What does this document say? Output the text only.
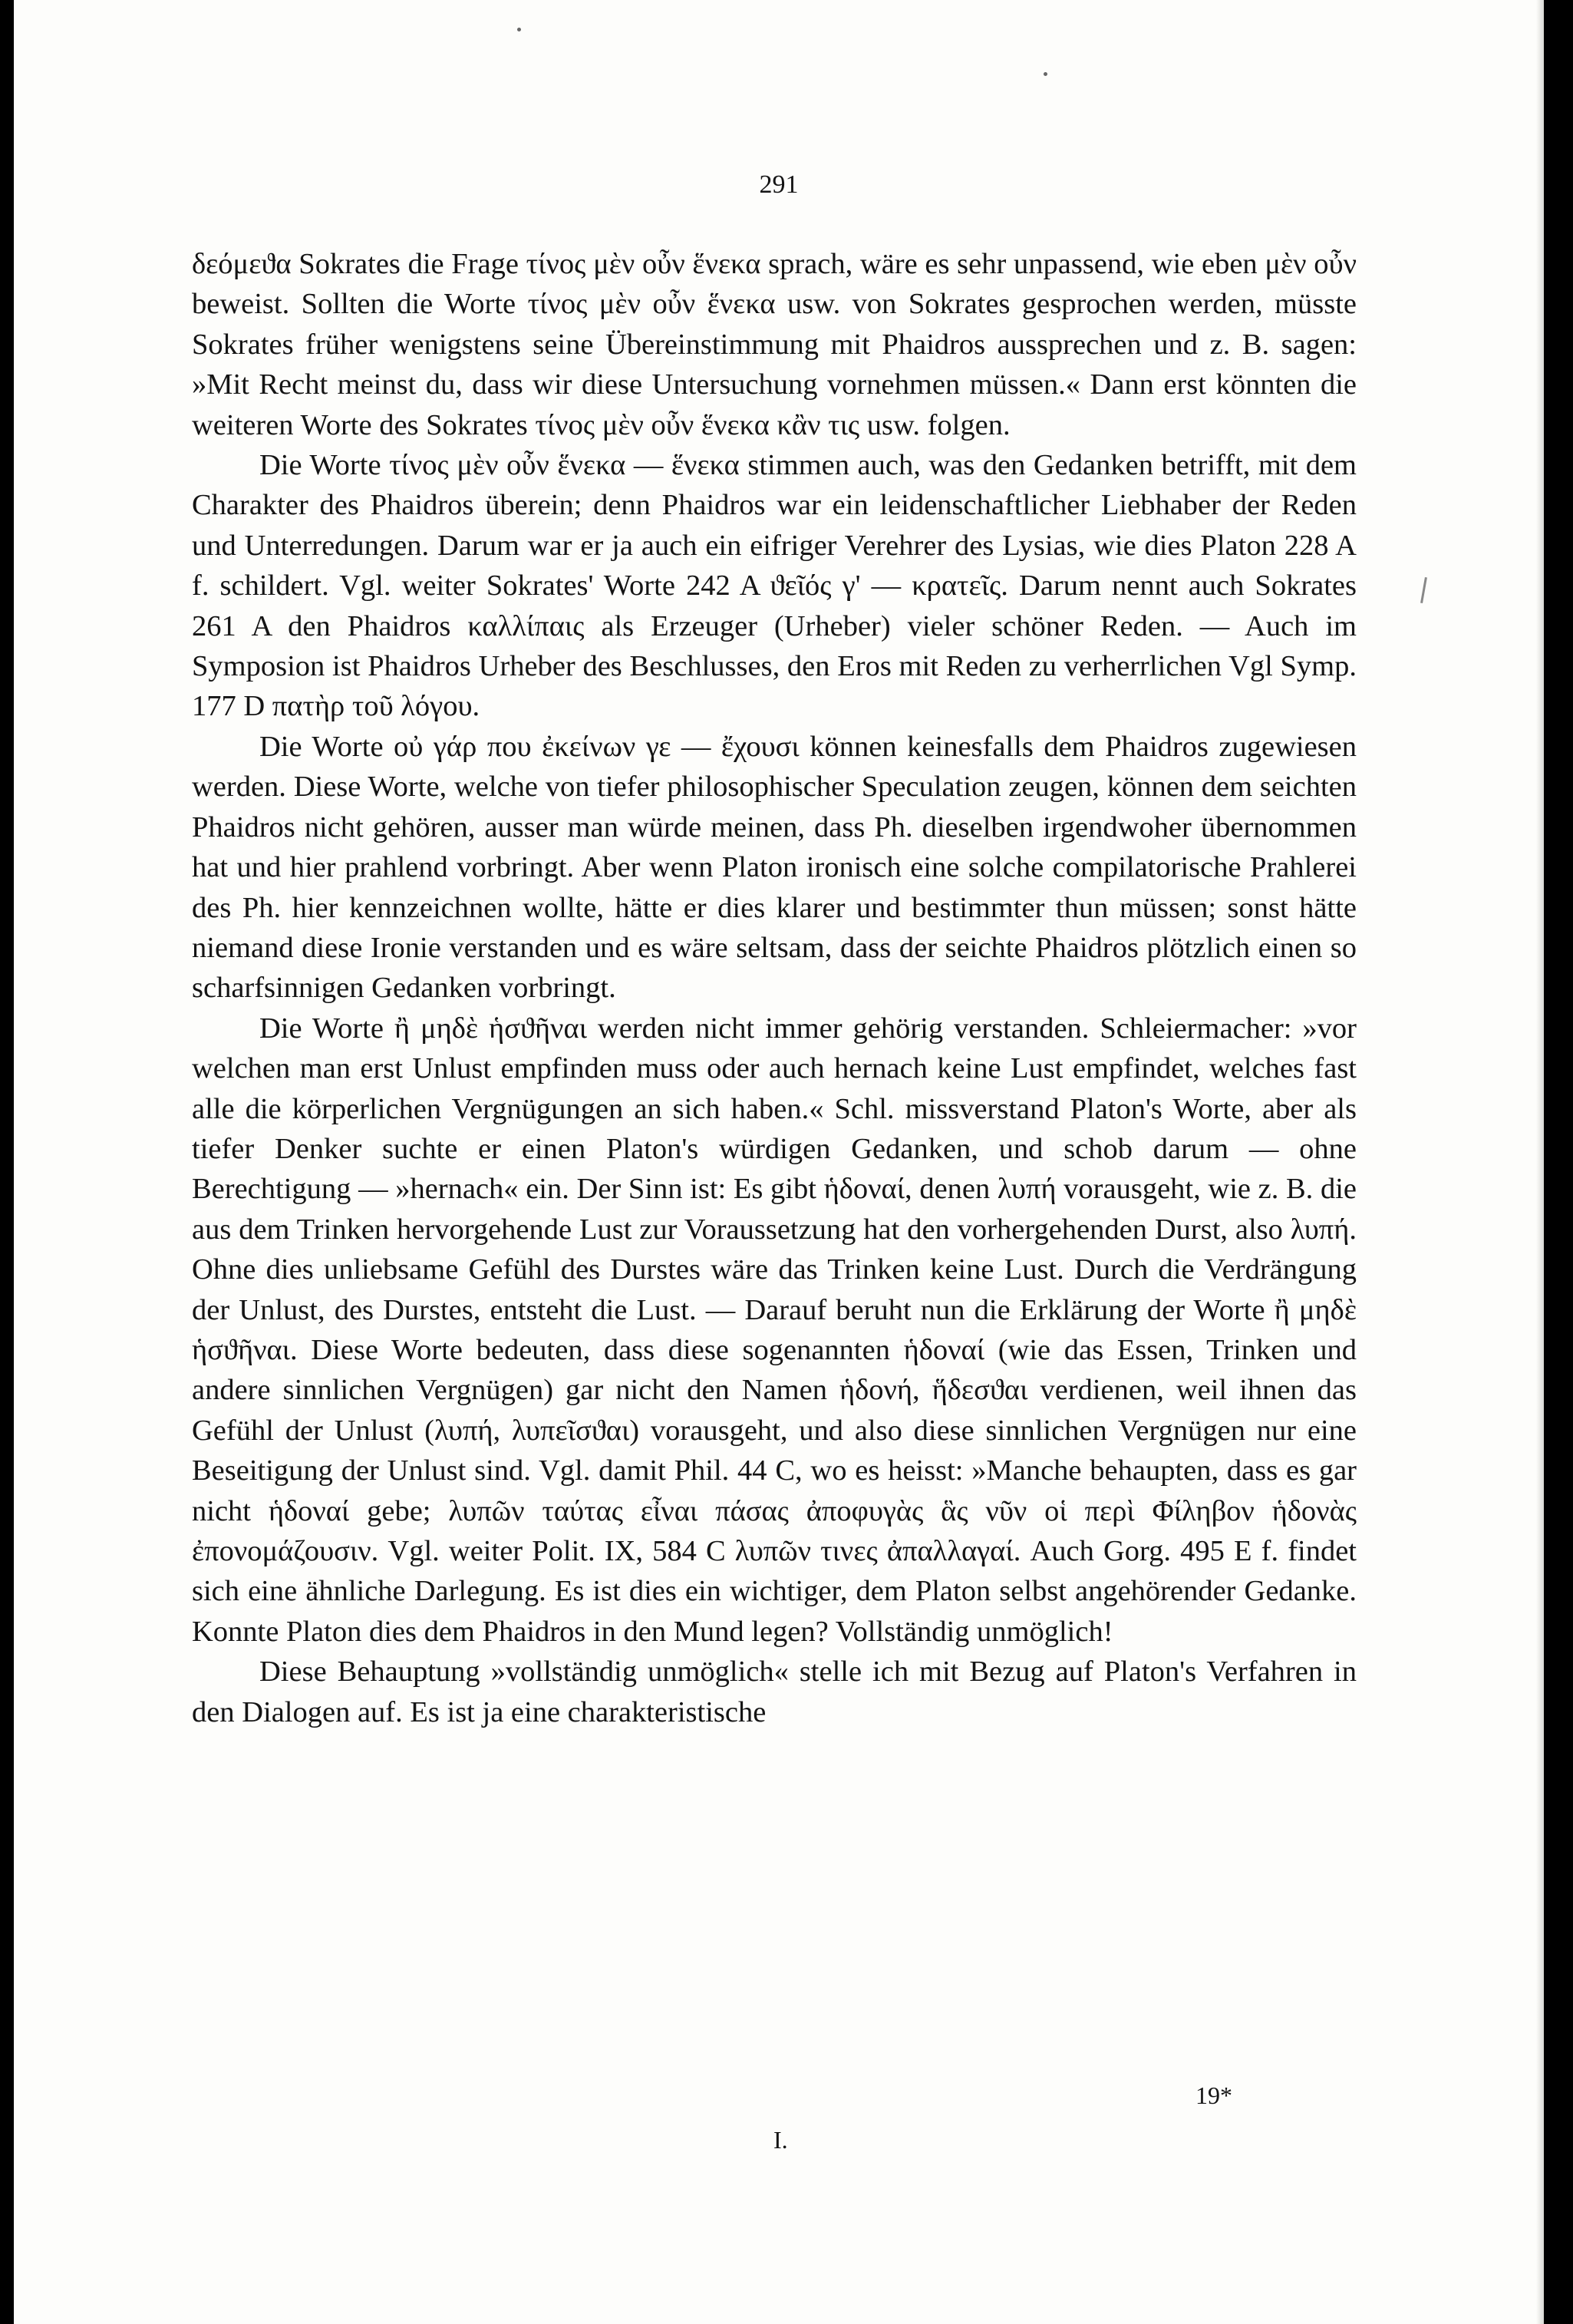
291

δεόμεϑα Sokrates die Frage τίνος μὲν οὖν ἕνεκα sprach, wäre es sehr unpassend, wie eben μὲν οὖν beweist. Sollten die Worte τίνος μὲν οὖν ἕνεκα usw. von Sokrates gesprochen werden, müsste Sokrates früher wenigstens seine Übereinstimmung mit Phaidros aussprechen und z. B. sagen: »Mit Recht meinst du, dass wir diese Untersuchung vornehmen müssen.« Dann erst könnten die weiteren Worte des Sokrates τίνος μὲν οὖν ἕνεκα κἂν τις usw. folgen.

Die Worte τίνος μὲν οὖν ἕνεκα — ἕνεκα stimmen auch, was den Gedanken betrifft, mit dem Charakter des Phaidros überein; denn Phaidros war ein leidenschaftlicher Liebhaber der Reden und Unterredungen. Darum war er ja auch ein eifriger Verehrer des Lysias, wie dies Platon 228 A f. schildert. Vgl. weiter Sokrates' Worte 242 A ϑεῖός γ' — κρατεῖς. Darum nennt auch Sokrates 261 A den Phaidros καλλίπαις als Erzeuger (Urheber) vieler schöner Reden. — Auch im Symposion ist Phaidros Urheber des Beschlusses, den Eros mit Reden zu verherrlichen Vgl Symp. 177 D πατὴρ τοῦ λόγου.

Die Worte οὐ γάρ που ἐκείνων γε — ἔχουσι können keinesfalls dem Phaidros zugewiesen werden. Diese Worte, welche von tiefer philosophischer Speculation zeugen, können dem seichten Phaidros nicht gehören, ausser man würde meinen, dass Ph. dieselben irgendwoher übernommen hat und hier prahlend vorbringt. Aber wenn Platon ironisch eine solche compilatorische Prahlerei des Ph. hier kennzeichnen wollte, hätte er dies klarer und bestimmter thun müssen; sonst hätte niemand diese Ironie verstanden und es wäre seltsam, dass der seichte Phaidros plötzlich einen so scharfsinnigen Gedanken vorbringt.

Die Worte ἢ μηδὲ ἡσϑῆναι werden nicht immer gehörig verstanden. Schleiermacher: »vor welchen man erst Unlust empfinden muss oder auch hernach keine Lust empfindet, welches fast alle die körperlichen Vergnügungen an sich haben.« Schl. missverstand Platon's Worte, aber als tiefer Denker suchte er einen Platon's würdigen Gedanken, und schob darum — ohne Berechtigung — »hernach« ein. Der Sinn ist: Es gibt ἡδοναί, denen λυπή vorausgeht, wie z. B. die aus dem Trinken hervorgehende Lust zur Voraussetzung hat den vorhergehenden Durst, also λυπή. Ohne dies unliebsame Gefühl des Durstes wäre das Trinken keine Lust. Durch die Verdrängung der Unlust, des Durstes, entsteht die Lust. — Darauf beruht nun die Erklärung der Worte ἢ μηδὲ ἡσϑῆναι. Diese Worte bedeuten, dass diese sogenannten ἡδοναί (wie das Essen, Trinken und andere sinnlichen Vergnügen) gar nicht den Namen ἡδονή, ἥδεσϑαι verdienen, weil ihnen das Gefühl der Unlust (λυπή, λυπεῖσϑαι) vorausgeht, und also diese sinnlichen Vergnügen nur eine Beseitigung der Unlust sind. Vgl. damit Phil. 44 C, wo es heisst: »Manche behaupten, dass es gar nicht ἡδοναί gebe; λυπῶν ταύτας εἶναι πάσας ἀποφυγὰς ἃς νῦν οἱ περὶ Φίληβον ἡδονὰς ἐπονομάζουσιν. Vgl. weiter Polit. IX, 584 C λυπῶν τινες ἀπαλλαγαί. Auch Gorg. 495 E f. findet sich eine ähnliche Darlegung. Es ist dies ein wichtiger, dem Platon selbst angehörender Gedanke. Konnte Platon dies dem Phaidros in den Mund legen? Vollständig unmöglich!

Diese Behauptung »vollständig unmöglich« stelle ich mit Bezug auf Platon's Verfahren in den Dialogen auf. Es ist ja eine charakteristische

19*
I.
